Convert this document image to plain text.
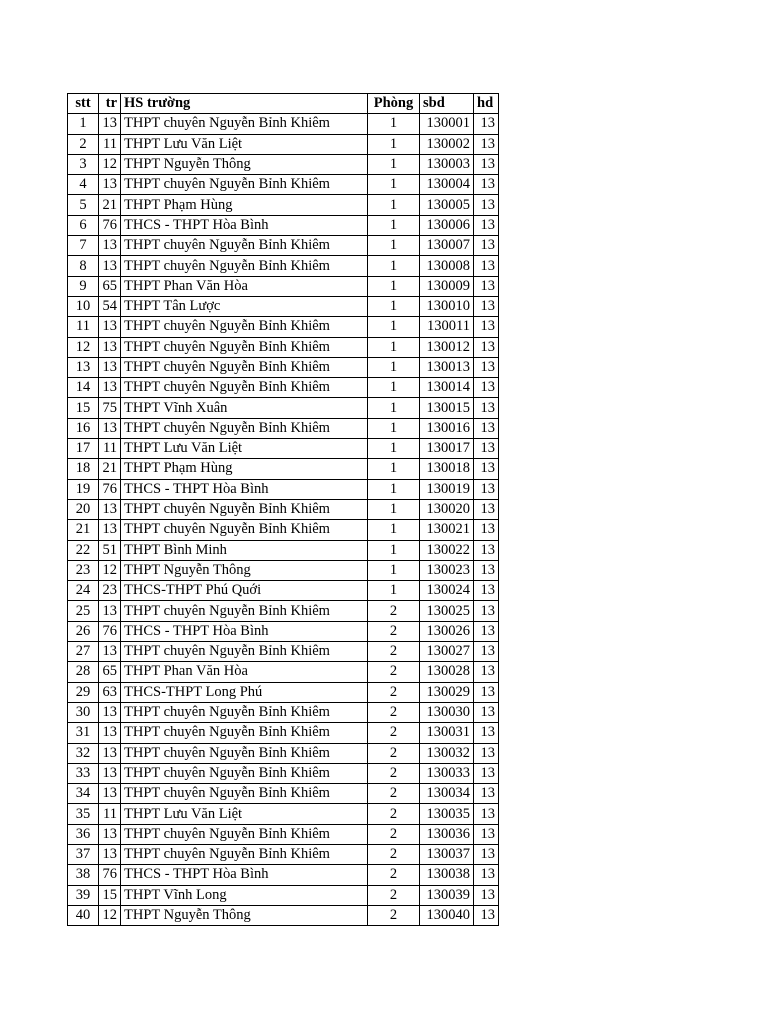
stt	tr	HS trường	Phòng	sbd	hd
1	13	THPT chuyên Nguyễn Bỉnh Khiêm	1	130001	13
2	11	THPT Lưu Văn Liệt	1	130002	13
3	12	THPT Nguyễn Thông	1	130003	13
4	13	THPT chuyên Nguyễn Bỉnh Khiêm	1	130004	13
5	21	THPT Phạm Hùng	1	130005	13
6	76	THCS - THPT Hòa Bình	1	130006	13
7	13	THPT chuyên Nguyễn Bỉnh Khiêm	1	130007	13
8	13	THPT chuyên Nguyễn Bỉnh Khiêm	1	130008	13
9	65	THPT Phan Văn Hòa	1	130009	13
10	54	THPT Tân Lược	1	130010	13
11	13	THPT chuyên Nguyễn Bỉnh Khiêm	1	130011	13
12	13	THPT chuyên Nguyễn Bỉnh Khiêm	1	130012	13
13	13	THPT chuyên Nguyễn Bỉnh Khiêm	1	130013	13
14	13	THPT chuyên Nguyễn Bỉnh Khiêm	1	130014	13
15	75	THPT Vĩnh Xuân	1	130015	13
16	13	THPT chuyên Nguyễn Bỉnh Khiêm	1	130016	13
17	11	THPT Lưu Văn Liệt	1	130017	13
18	21	THPT Phạm Hùng	1	130018	13
19	76	THCS - THPT Hòa Bình	1	130019	13
20	13	THPT chuyên Nguyễn Bỉnh Khiêm	1	130020	13
21	13	THPT chuyên Nguyễn Bỉnh Khiêm	1	130021	13
22	51	THPT Bình Minh	1	130022	13
23	12	THPT Nguyễn Thông	1	130023	13
24	23	THCS-THPT Phú Quới	1	130024	13
25	13	THPT chuyên Nguyễn Bỉnh Khiêm	2	130025	13
26	76	THCS - THPT Hòa Bình	2	130026	13
27	13	THPT chuyên Nguyễn Bỉnh Khiêm	2	130027	13
28	65	THPT Phan Văn Hòa	2	130028	13
29	63	THCS-THPT Long Phú	2	130029	13
30	13	THPT chuyên Nguyễn Bỉnh Khiêm	2	130030	13
31	13	THPT chuyên Nguyễn Bỉnh Khiêm	2	130031	13
32	13	THPT chuyên Nguyễn Bỉnh Khiêm	2	130032	13
33	13	THPT chuyên Nguyễn Bỉnh Khiêm	2	130033	13
34	13	THPT chuyên Nguyễn Bỉnh Khiêm	2	130034	13
35	11	THPT Lưu Văn Liệt	2	130035	13
36	13	THPT chuyên Nguyễn Bỉnh Khiêm	2	130036	13
37	13	THPT chuyên Nguyễn Bỉnh Khiêm	2	130037	13
38	76	THCS - THPT Hòa Bình	2	130038	13
39	15	THPT Vĩnh Long	2	130039	13
40	12	THPT Nguyễn Thông	2	130040	13
